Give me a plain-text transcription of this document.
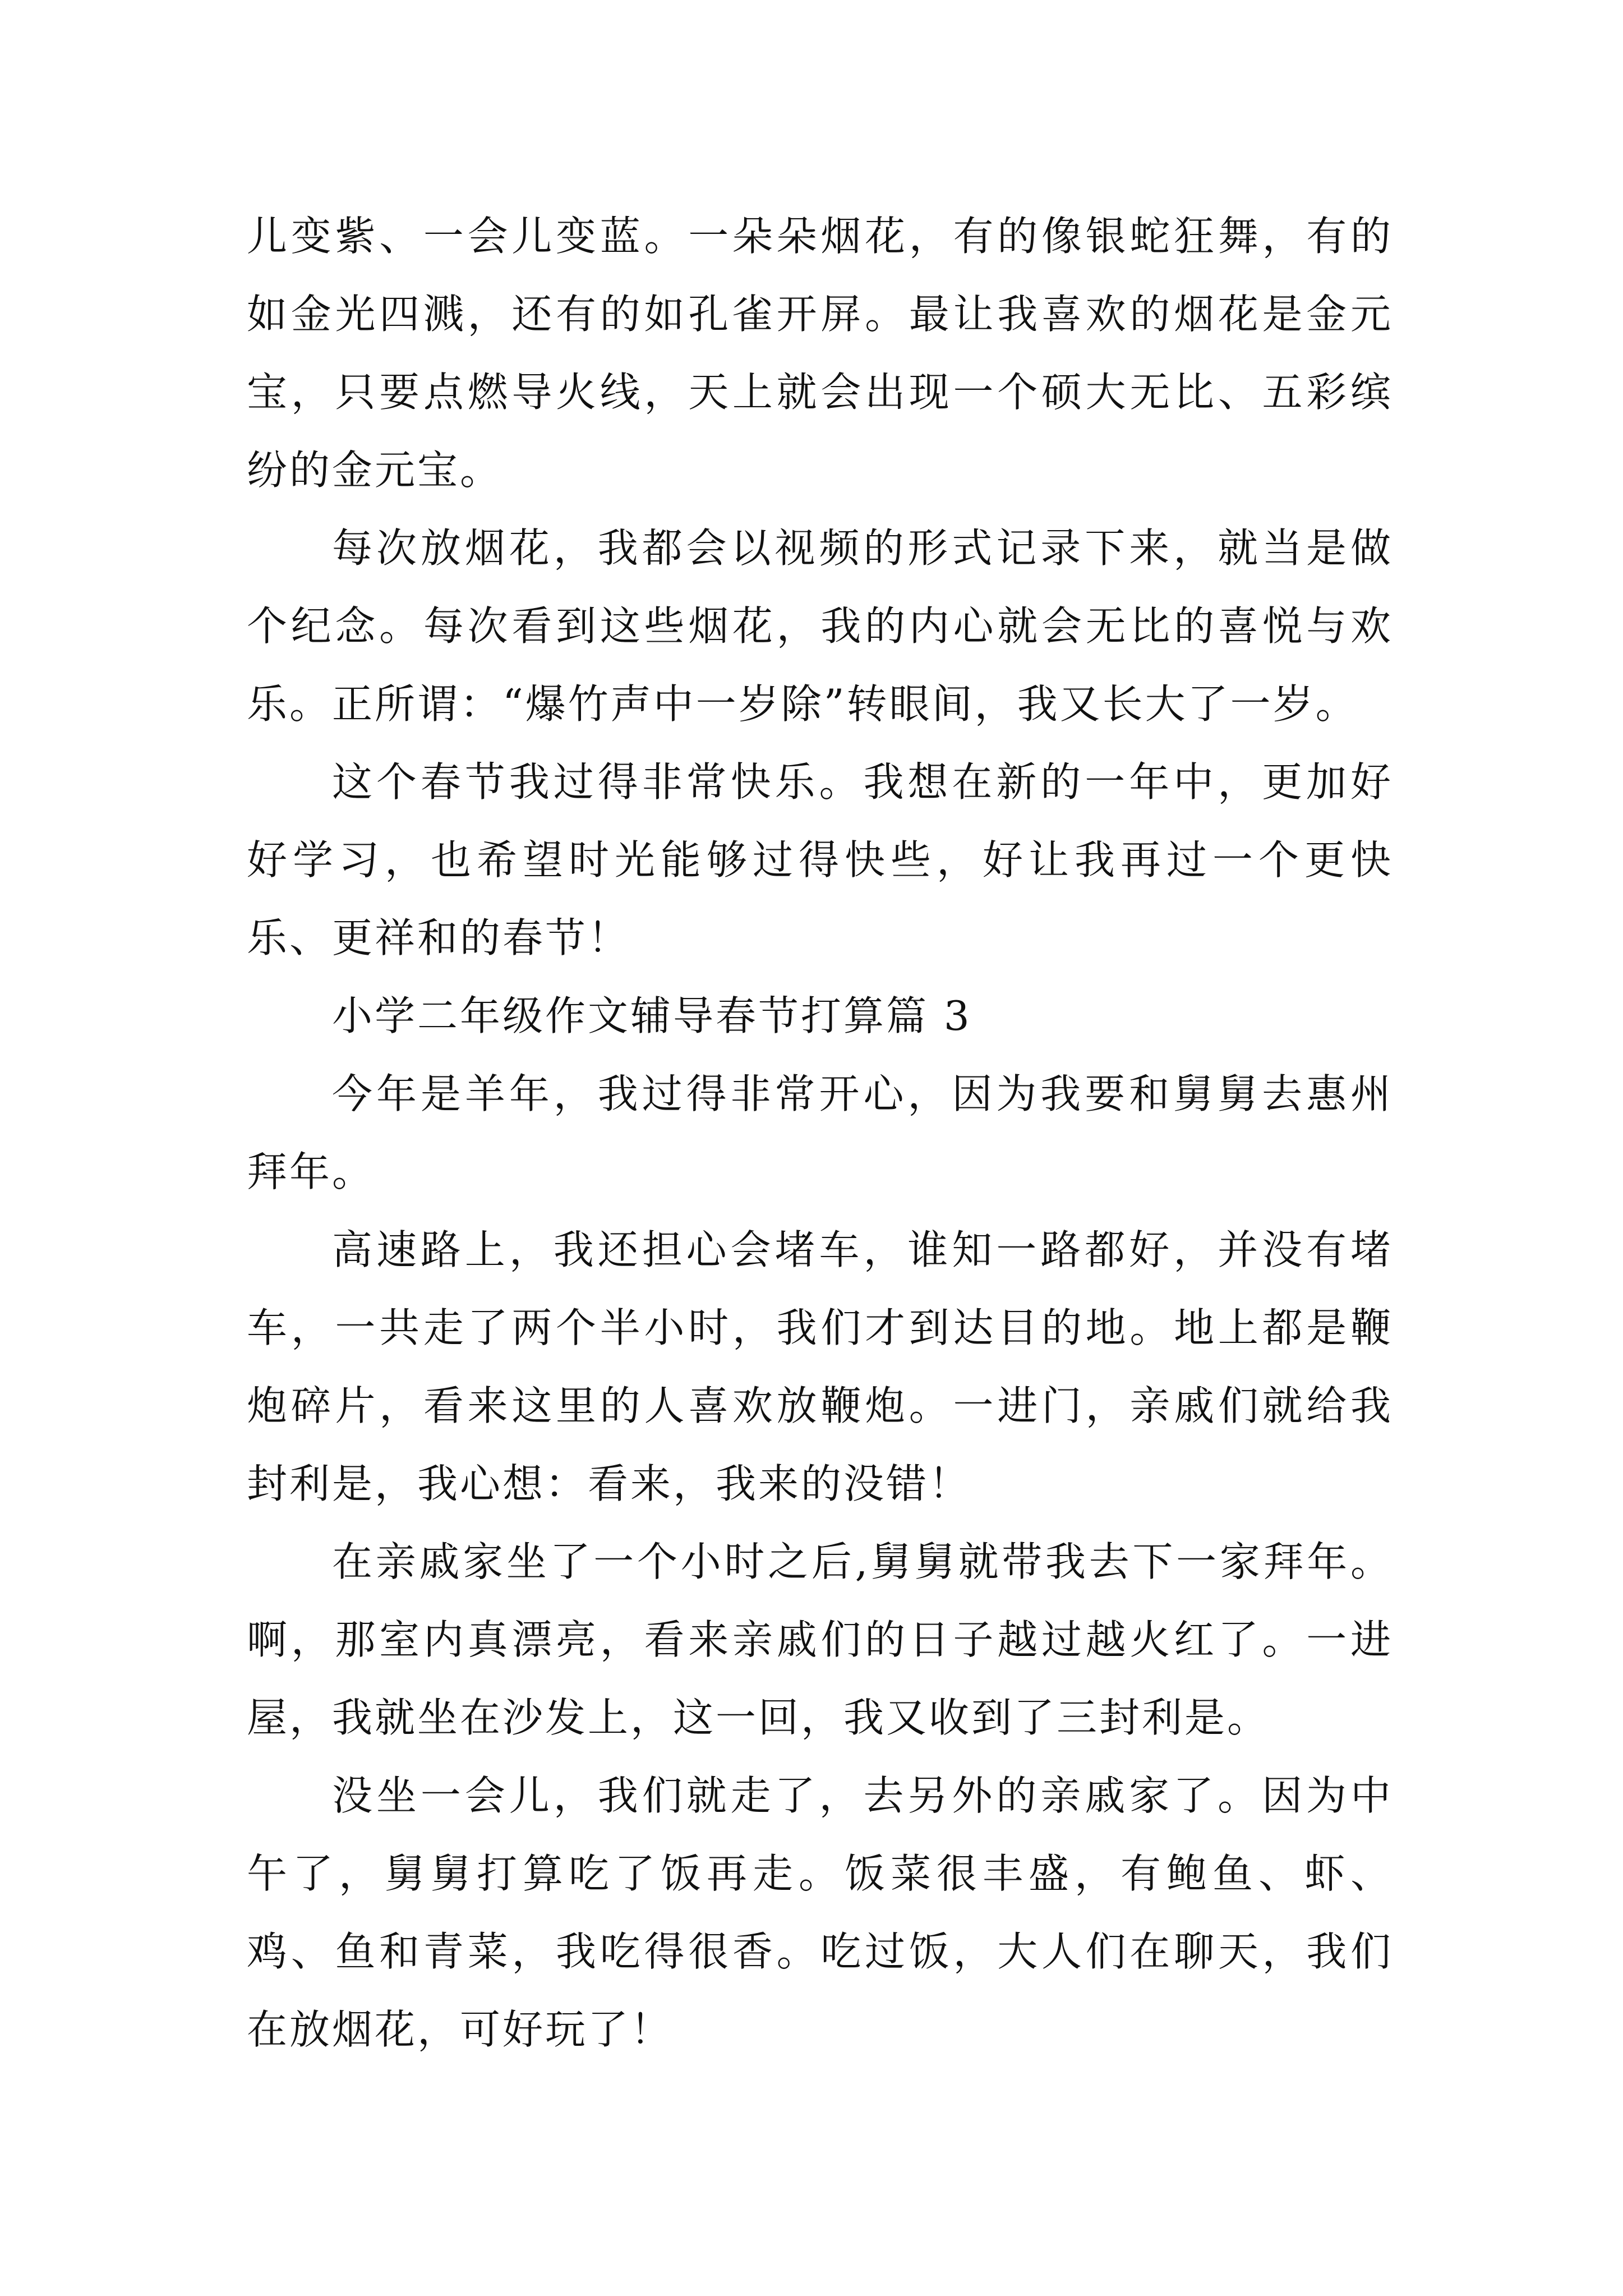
儿变紫、一会儿变蓝。一朵朵烟花，有的像银蛇狂舞，有的如金光四溅，还有的如孔雀开屏。最让我喜欢的烟花是金元宝，只要点燃导火线，天上就会出现一个硕大无比、五彩缤纷的金元宝。

每次放烟花，我都会以视频的形式记录下来，就当是做个纪念。每次看到这些烟花，我的内心就会无比的喜悦与欢乐。正所谓：“爆竹声中一岁除”转眼间，我又长大了一岁。

这个春节我过得非常快乐。我想在新的一年中，更加好好学习，也希望时光能够过得快些，好让我再过一个更快乐、更祥和的春节！

小学二年级作文辅导春节打算篇 3

今年是羊年，我过得非常开心，因为我要和舅舅去惠州拜年。

高速路上，我还担心会堵车，谁知一路都好，并没有堵车，一共走了两个半小时，我们才到达目的地。地上都是鞭炮碎片，看来这里的人喜欢放鞭炮。一进门，亲戚们就给我封利是，我心想：看来，我来的没错！

在亲戚家坐了一个小时之后,舅舅就带我去下一家拜年。啊，那室内真漂亮，看来亲戚们的日子越过越火红了。一进屋，我就坐在沙发上，这一回，我又收到了三封利是。

没坐一会儿，我们就走了，去另外的亲戚家了。因为中午了，舅舅打算吃了饭再走。饭菜很丰盛，有鲍鱼、虾、鸡、鱼和青菜，我吃得很香。吃过饭，大人们在聊天，我们在放烟花，可好玩了！
